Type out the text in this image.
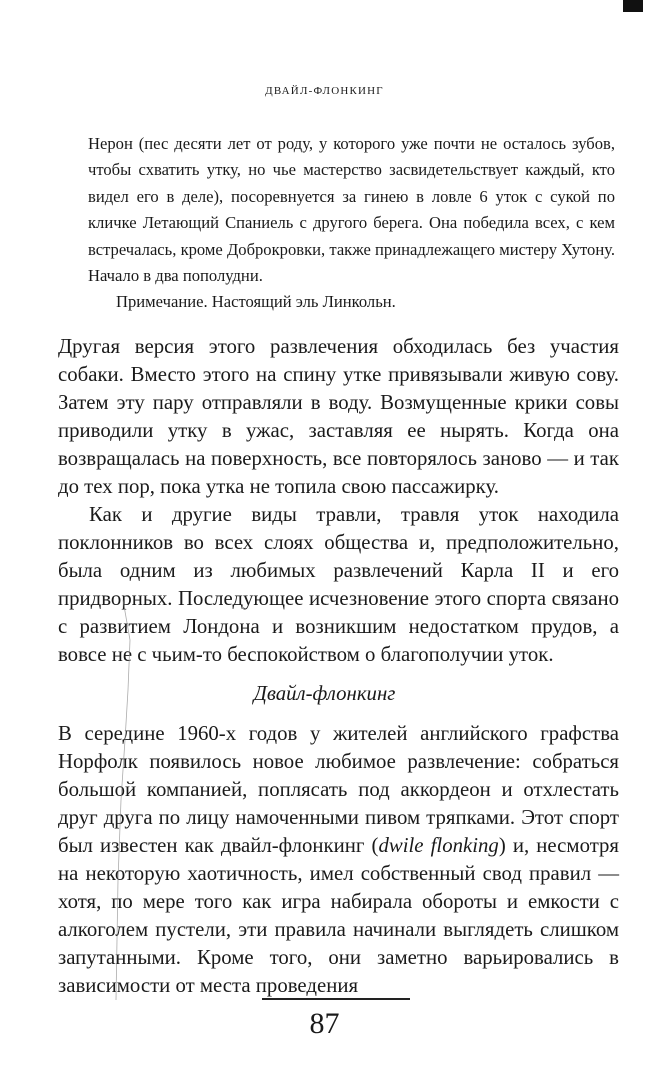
ДВАЙЛ-ФЛОНКИНГ

Нерон (пес десяти лет от роду, у которого уже почти не осталось зубов, чтобы схватить утку, но чье мастерство засвидетельствует каждый, кто видел его в деле), посоревнуется за гинею в ловле 6 уток с сукой по кличке Летающий Спаниель с другого берега. Она победила всех, с кем встречалась, кроме Доброкровки, также принадлежащего мистеру Хутону. Начало в два пополудни.

Примечание. Настоящий эль Линкольн.

Другая версия этого развлечения обходилась без участия собаки. Вместо этого на спину утке привязывали живую сову. Затем эту пару отправляли в воду. Возмущенные крики совы приводили утку в ужас, заставляя ее нырять. Когда она возвращалась на поверхность, все повторялось заново — и так до тех пор, пока утка не топила свою пассажирку.

Как и другие виды травли, травля уток находила поклонников во всех слоях общества и, предположительно, была одним из любимых развлечений Карла II и его придворных. Последующее исчезновение этого спорта связано с развитием Лондона и возникшим недостатком прудов, а вовсе не с чьим-то беспокойством о благополучии уток.

Двайл-флонкинг

В середине 1960-х годов у жителей английского графства Норфолк появилось новое любимое развлечение: собраться большой компанией, поплясать под аккордеон и отхлестать друг друга по лицу намоченными пивом тряпками. Этот спорт был известен как двайл-флонкинг (dwile flonking) и, несмотря на некоторую хаотичность, имел собственный свод правил — хотя, по мере того как игра набирала обороты и емкости с алкоголем пустели, эти правила начинали выглядеть слишком запутанными. Кроме того, они заметно варьировались в зависимости от места проведения

87
